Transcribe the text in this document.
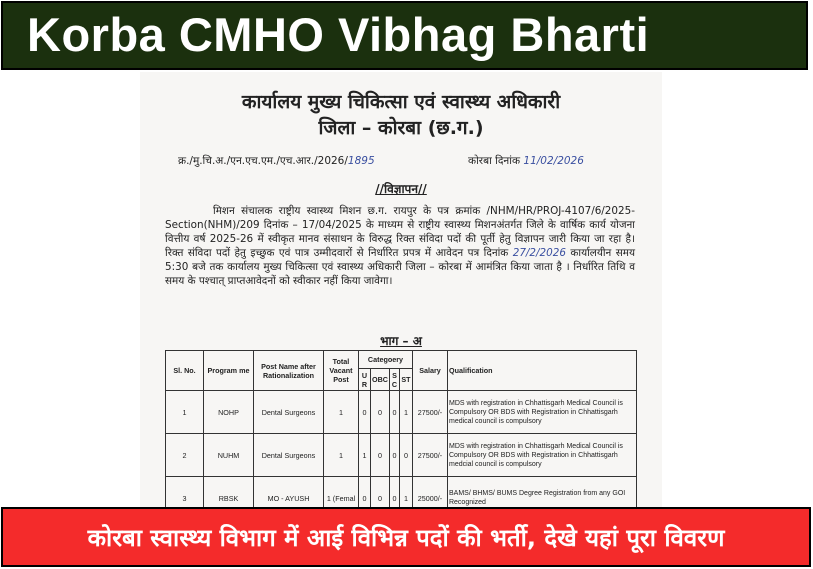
Korba CMHO Vibhag Bharti
कार्यालय मुख्य चिकित्सा एवं स्वास्थ्य अधिकारी
जिला – कोरबा (छ.ग.)
क्र./मु.चि.अ./एन.एच.एम./एच.आर./2026/1895	कोरबा दिनांक 11/02/2026
//विज्ञापन//
मिशन संचालक राष्ट्रीय स्वास्थ्य मिशन छ.ग. रायपुर के पत्र क्रमांक /NHM/HR/PROJ-4107/6/2025-Section(NHM)/209 दिनांक – 17/04/2025 के माध्यम से राष्ट्रीय स्वास्थ्य मिशनअंतर्गत जिले के वार्षिक कार्य योजना वित्तीय वर्ष 2025-26 में स्वीकृत मानव संसाधन के विरुद्ध रिक्त संविदा पदों की पूर्ती हेतु विज्ञापन जारी किया जा रहा है। रिक्त संविदा पदों हेतु इच्छुक एवं पात्र उम्मीदवारों से निर्धारित प्रपत्र में आवेदन पत्र दिनांक 27/2/2026 कार्यालयीन समय 5:30 बजे तक कार्यालय मुख्य चिकित्सा एवं स्वास्थ्य अधिकारी जिला – कोरबा में आमंत्रित किया जाता है । निर्धारित तिथि व समय के पश्चात् प्राप्तआवेदनों को स्वीकार नहीं किया जावेगा।
भाग – अ
Sl. No.	Program me	Post Name after Rationalization	Total Vacant Post	Categoery				Salary	Qualification
				U R	OBC	S C	ST		
1	NOHP	Dental Surgeons	1	0	0	0	1	27500/-	MDS with registration in Chhattisgarh Medical Council is Compulsory OR BDS with Registration in Chhattisgarh medical council is compulsory
2	NUHM	Dental Surgeons	1	1	0	0	0	27500/-	MDS with registration in Chhattisgarh Medical Council is Compulsory OR BDS with Registration in Chhattisgarh medcial council is compulsory
3	RBSK	MO - AYUSH	1 (Femal	0	0	0	1	25000/-	BAMS/ BHMS/ BUMS Degree Registration from any GOI Recognized
कोरबा स्वास्थ्य विभाग में आई विभिन्न पदों की भर्ती, देखे यहां पूरा विवरण
